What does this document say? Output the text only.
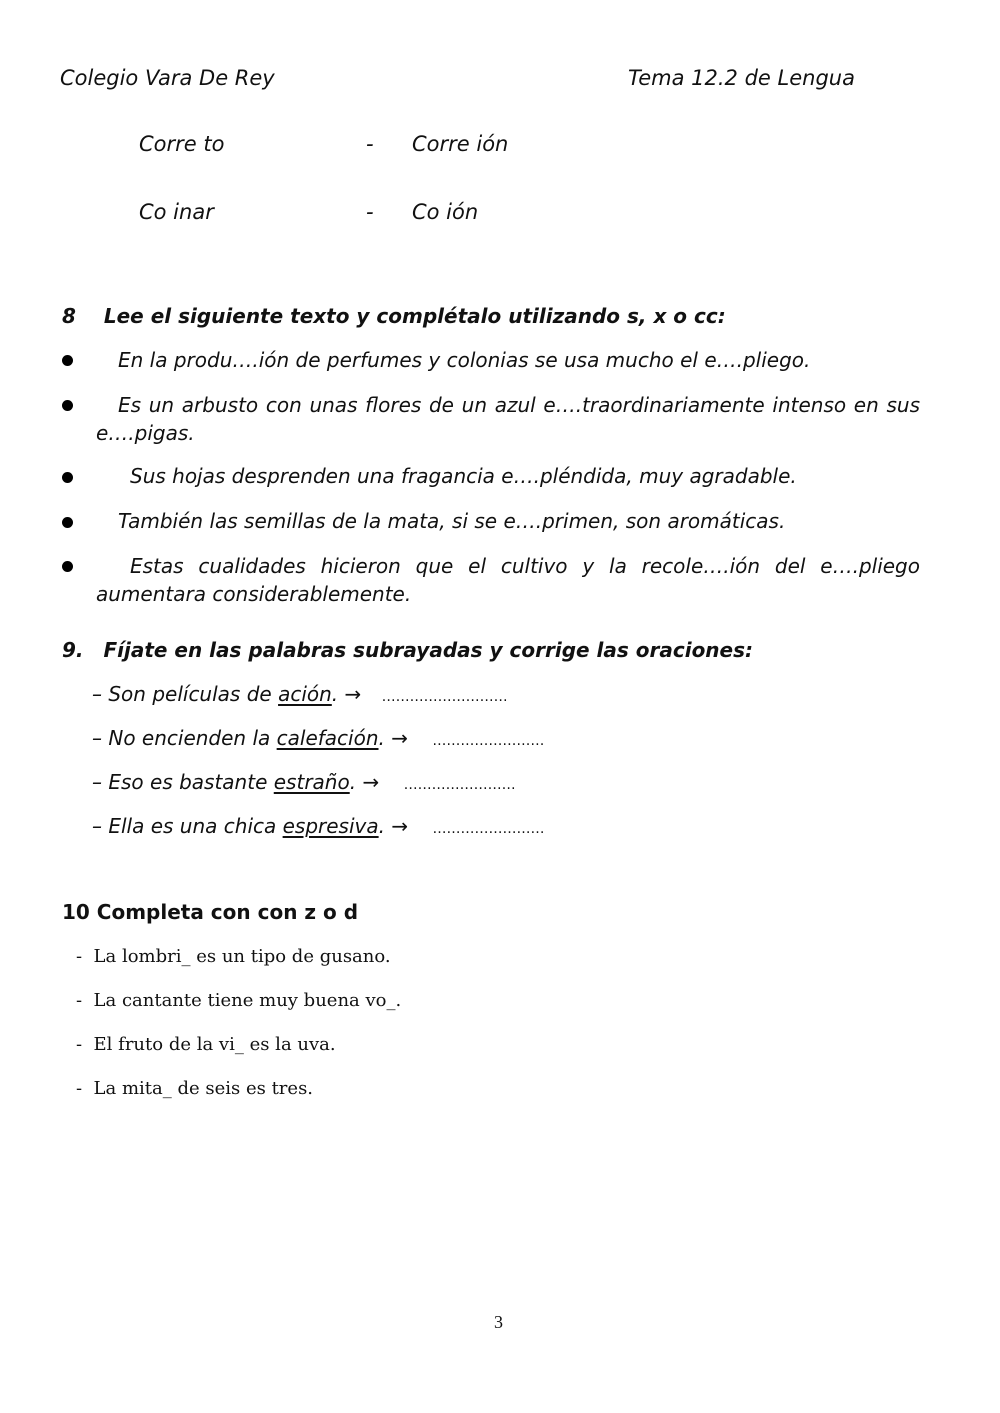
Colegio Vara De Rey	Tema 12.2 de Lengua
Corre to	- Corre ión
Co inar	- Co ión
8 Lee el siguiente texto y complétalo utilizando s, x o cc:
En la produ….ión de perfumes y colonias se usa mucho el e….pliego.
Es un arbusto con unas flores de un azul e….traordinariamente intenso en sus
e….pigas.
Sus hojas desprenden una fragancia e….pléndida, muy agradable.
También las semillas de la mata, si se e….primen, son aromáticas.
Estas cualidades hicieron que el cultivo y la recole….ión del e….pliego
aumentara considerablemente.
9. Fíjate en las palabras subrayadas y corrige las oraciones:
– Son películas de ación. → ………………………
– No encienden la calefación. → ……………………
– Eso es bastante estraño. → ……………………
– Ella es una chica espresiva. → ……………………
10 Completa con con z o d
- La lombri_ es un tipo de gusano.
- La cantante tiene muy buena vo_.
- El fruto de la vi_ es la uva.
- La mita_ de seis es tres.
3
